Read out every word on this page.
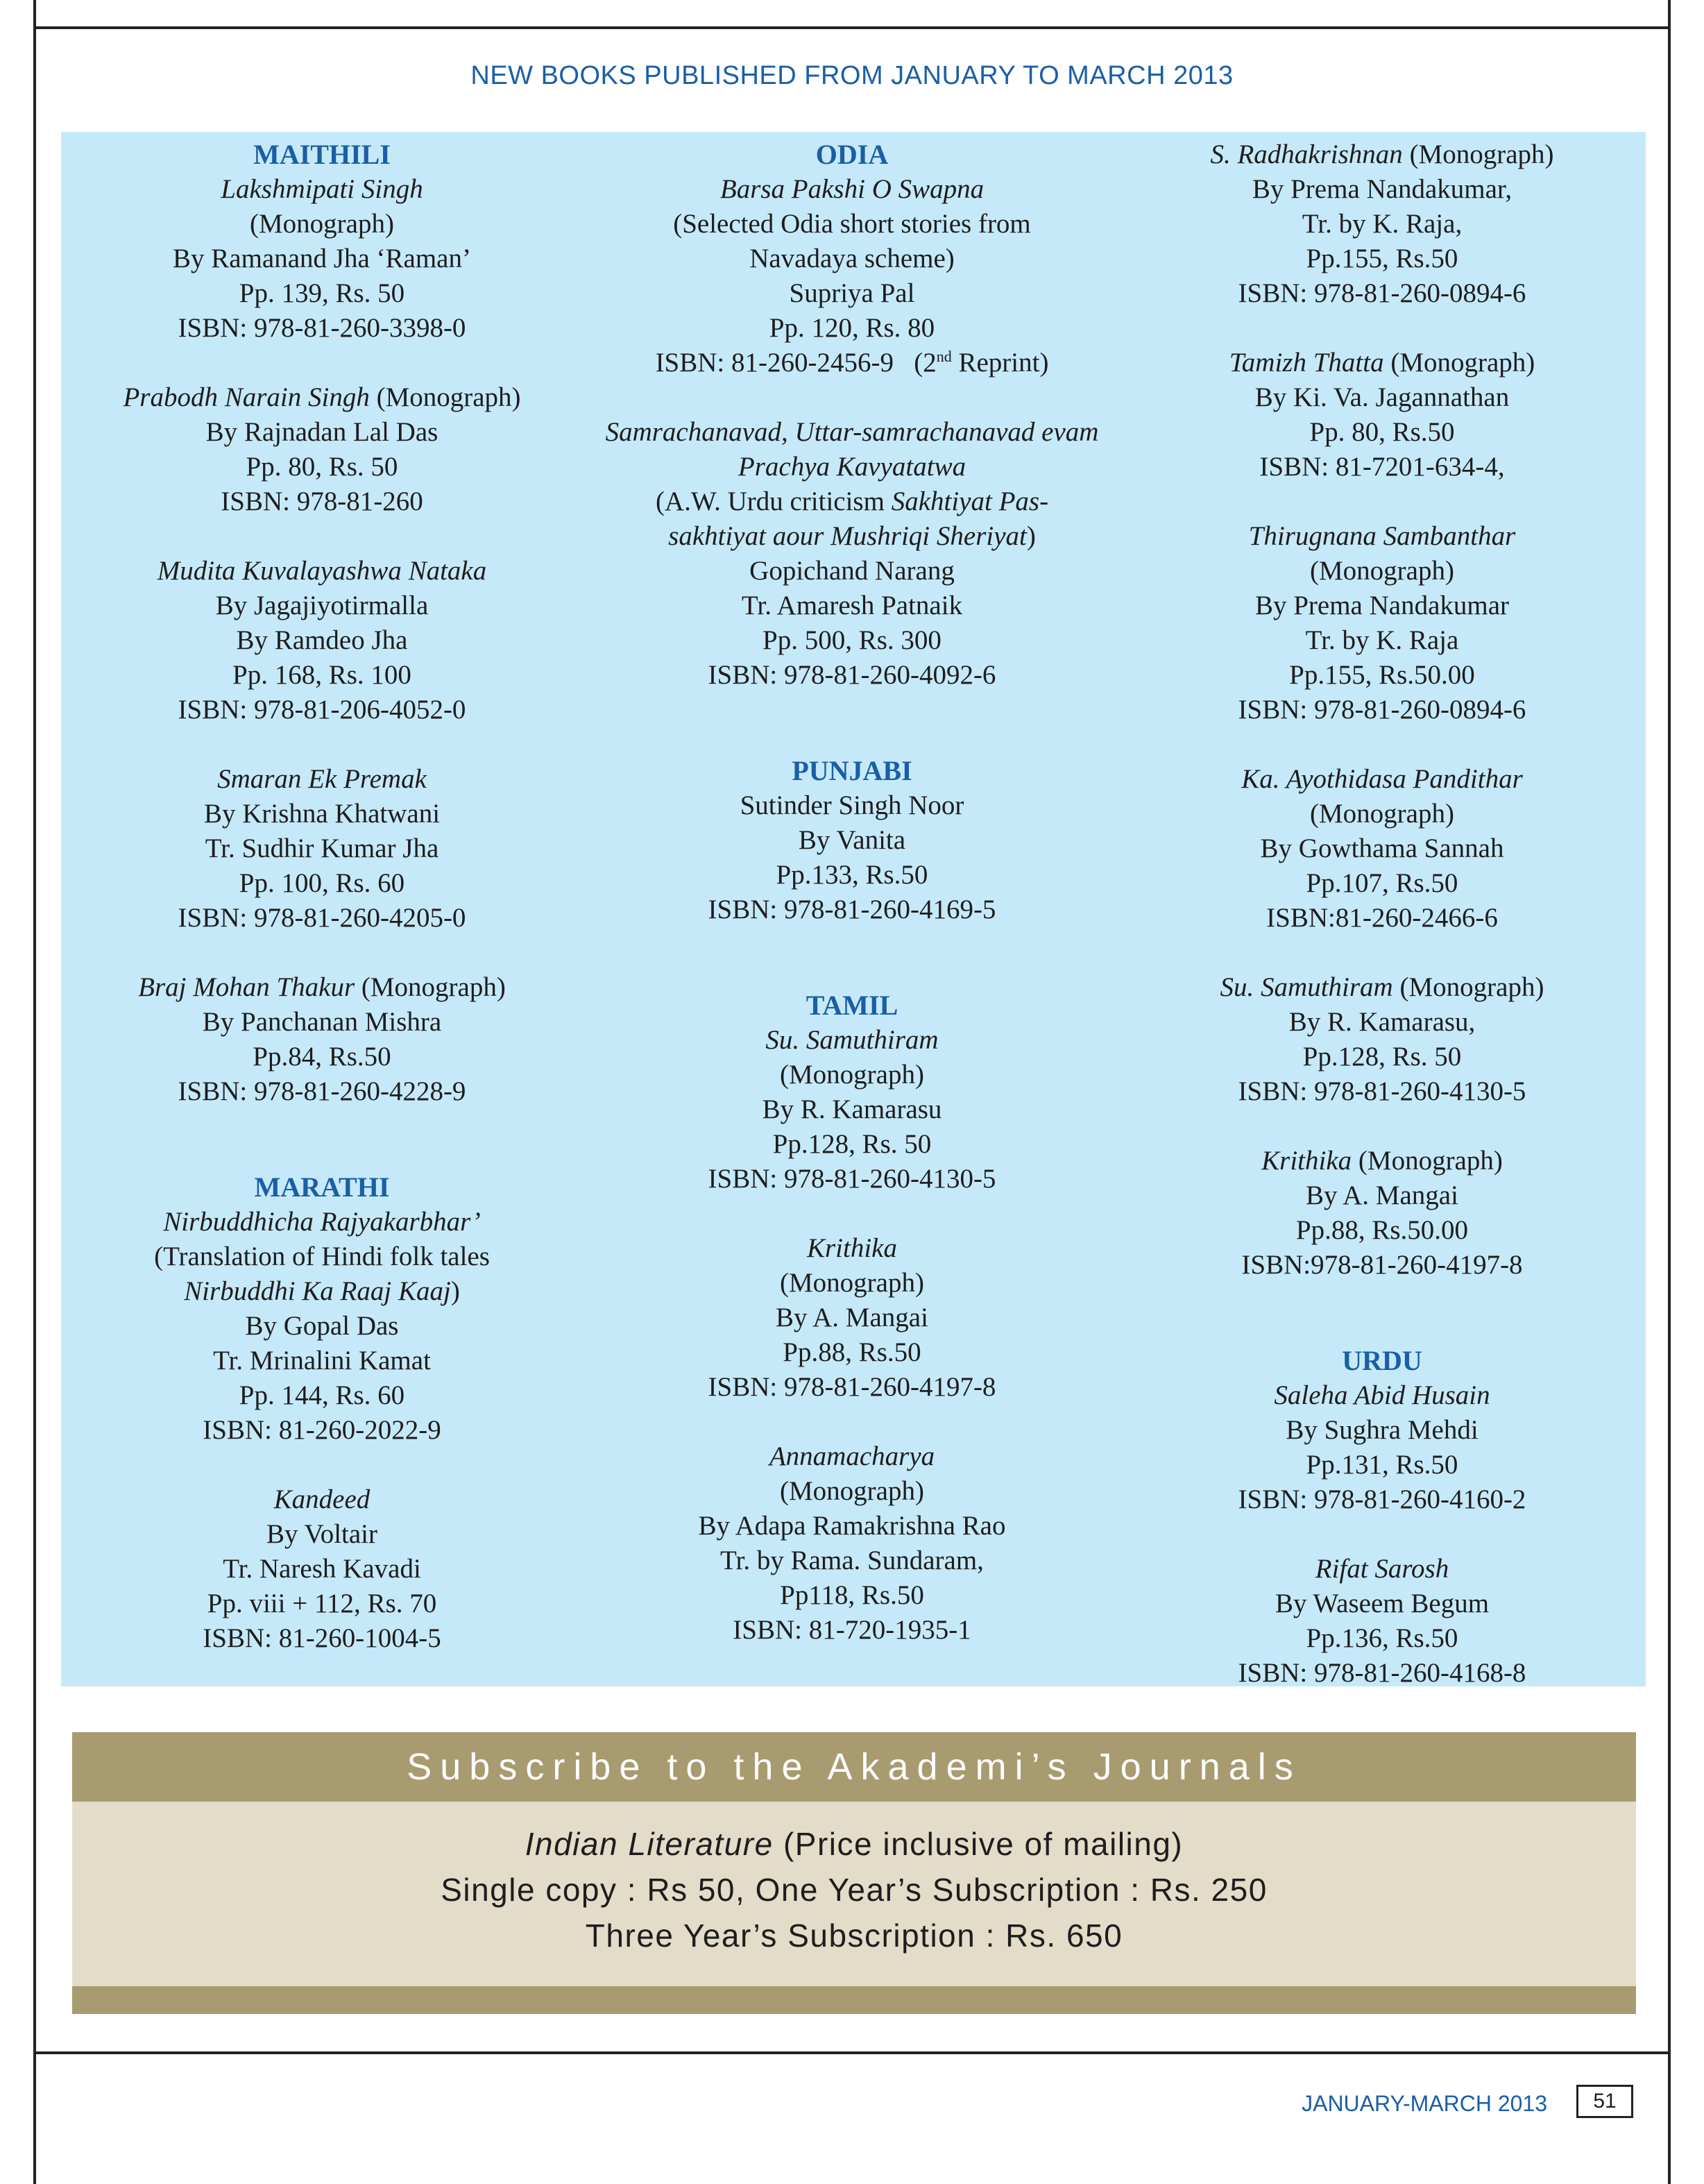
NEW BOOKS PUBLISHED FROM JANUARY TO MARCH 2013
MAITHILI
Lakshmipati Singh
(Monograph)
By Ramanand Jha ‘Raman’
Pp. 139, Rs. 50
ISBN: 978-81-260-3398-0
Prabodh Narain Singh (Monograph)
By Rajnadan Lal Das
Pp. 80, Rs. 50
ISBN: 978-81-260
Mudita Kuvalayashwa Nataka
By Jagajiyotirmalla
By Ramdeo Jha
Pp. 168, Rs. 100
ISBN: 978-81-206-4052-0
Smaran Ek Premak
By Krishna Khatwani
Tr. Sudhir Kumar Jha
Pp. 100, Rs. 60
ISBN: 978-81-260-4205-0
Braj Mohan Thakur (Monograph)
By Panchanan Mishra
Pp.84, Rs.50
ISBN: 978-81-260-4228-9
MARATHI
Nirbuddhicha Rajyakarbhar’
(Translation of Hindi folk tales
Nirbuddhi Ka Raaj Kaaj)
By Gopal Das
Tr. Mrinalini Kamat
Pp. 144, Rs. 60
ISBN: 81-260-2022-9
Kandeed
By Voltair
Tr. Naresh Kavadi
Pp. viii + 112, Rs. 70
ISBN: 81-260-1004-5
ODIA
Barsa Pakshi O Swapna
(Selected Odia short stories from
Navadaya scheme)
Supriya Pal
Pp. 120, Rs. 80
ISBN: 81-260-2456-9 (2nd Reprint)
Samrachanavad, Uttar-samrachanavad evam
Prachya Kavyatatwa
(A.W. Urdu criticism Sakhtiyat Pas-
sakhtiyat aour Mushriqi Sheriyat)
Gopichand Narang
Tr. Amaresh Patnaik
Pp. 500, Rs. 300
ISBN: 978-81-260-4092-6
PUNJABI
Sutinder Singh Noor
By Vanita
Pp.133, Rs.50
ISBN: 978-81-260-4169-5
TAMIL
Su. Samuthiram
(Monograph)
By R. Kamarasu
Pp.128, Rs. 50
ISBN: 978-81-260-4130-5
Krithika
(Monograph)
By A. Mangai
Pp.88, Rs.50
ISBN: 978-81-260-4197-8
Annamacharya
(Monograph)
By Adapa Ramakrishna Rao
Tr. by Rama. Sundaram,
Pp118, Rs.50
ISBN: 81-720-1935-1
S. Radhakrishnan (Monograph)
By Prema Nandakumar,
Tr. by K. Raja,
Pp.155, Rs.50
ISBN: 978-81-260-0894-6
Tamizh Thatta (Monograph)
By Ki. Va. Jagannathan
Pp. 80, Rs.50
ISBN: 81-7201-634-4,
Thirugnana Sambanthar
(Monograph)
By Prema Nandakumar
Tr. by K. Raja
Pp.155, Rs.50.00
ISBN: 978-81-260-0894-6
Ka. Ayothidasa Pandithar
(Monograph)
By Gowthama Sannah
Pp.107, Rs.50
ISBN:81-260-2466-6
Su. Samuthiram (Monograph)
By R. Kamarasu,
Pp.128, Rs. 50
ISBN: 978-81-260-4130-5
Krithika (Monograph)
By A. Mangai
Pp.88, Rs.50.00
ISBN:978-81-260-4197-8
URDU
Saleha Abid Husain
By Sughra Mehdi
Pp.131, Rs.50
ISBN: 978-81-260-4160-2
Rifat Sarosh
By Waseem Begum
Pp.136, Rs.50
ISBN: 978-81-260-4168-8
Subscribe to the Akademi’s Journals
Indian Literature (Price inclusive of mailing)
Single copy : Rs 50, One Year’s Subscription : Rs. 250
Three Year’s Subscription : Rs. 650
JANUARY-MARCH 2013	51
